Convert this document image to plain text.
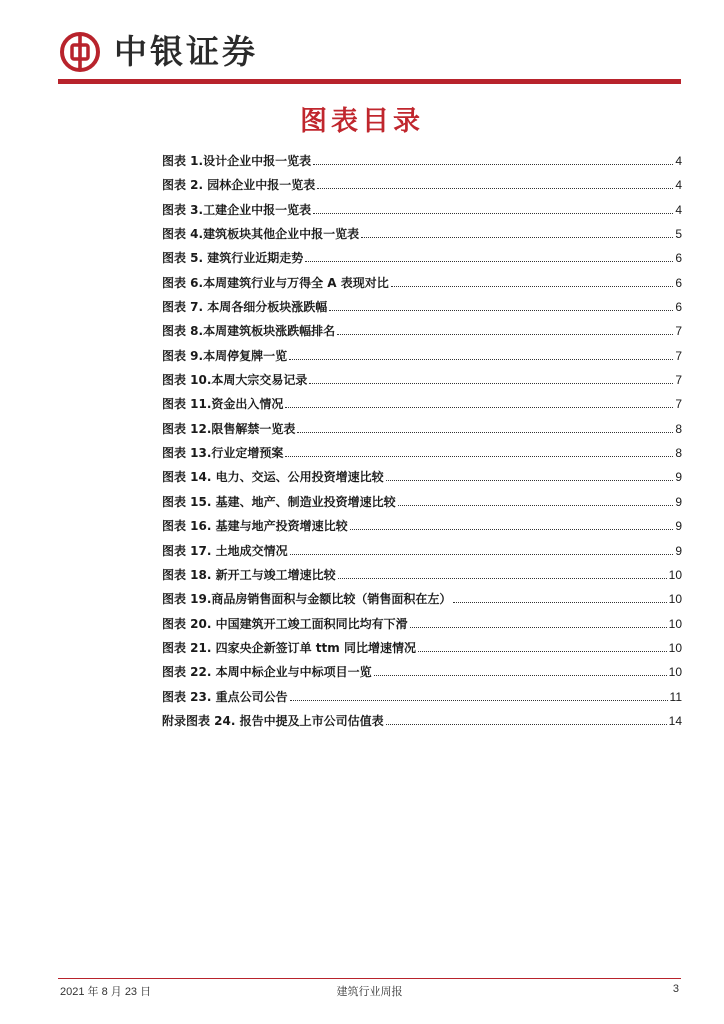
中银证券
图表目录
图表 1.设计企业中报一览表	4
图表 2. 园林企业中报一览表	4
图表 3.工建企业中报一览表	4
图表 4.建筑板块其他企业中报一览表	5
图表 5. 建筑行业近期走势	6
图表 6.本周建筑行业与万得全 A 表现对比	6
图表 7. 本周各细分板块涨跌幅	6
图表 8.本周建筑板块涨跌幅排名	7
图表 9.本周停复牌一览	7
图表 10.本周大宗交易记录	7
图表 11.资金出入情况	7
图表 12.限售解禁一览表	8
图表 13.行业定增预案	8
图表 14. 电力、交运、公用投资增速比较	9
图表 15. 基建、地产、制造业投资增速比较	9
图表 16. 基建与地产投资增速比较	9
图表 17. 土地成交情况	9
图表 18. 新开工与竣工增速比较	10
图表 19.商品房销售面积与金额比较（销售面积在左）	10
图表 20. 中国建筑开工竣工面积同比均有下滑	10
图表 21. 四家央企新签订单 ttm 同比增速情况	10
图表 22. 本周中标企业与中标项目一览	10
图表 23. 重点公司公告	11
附录图表 24. 报告中提及上市公司估值表	14
2021 年 8 月 23 日	建筑行业周报	3
